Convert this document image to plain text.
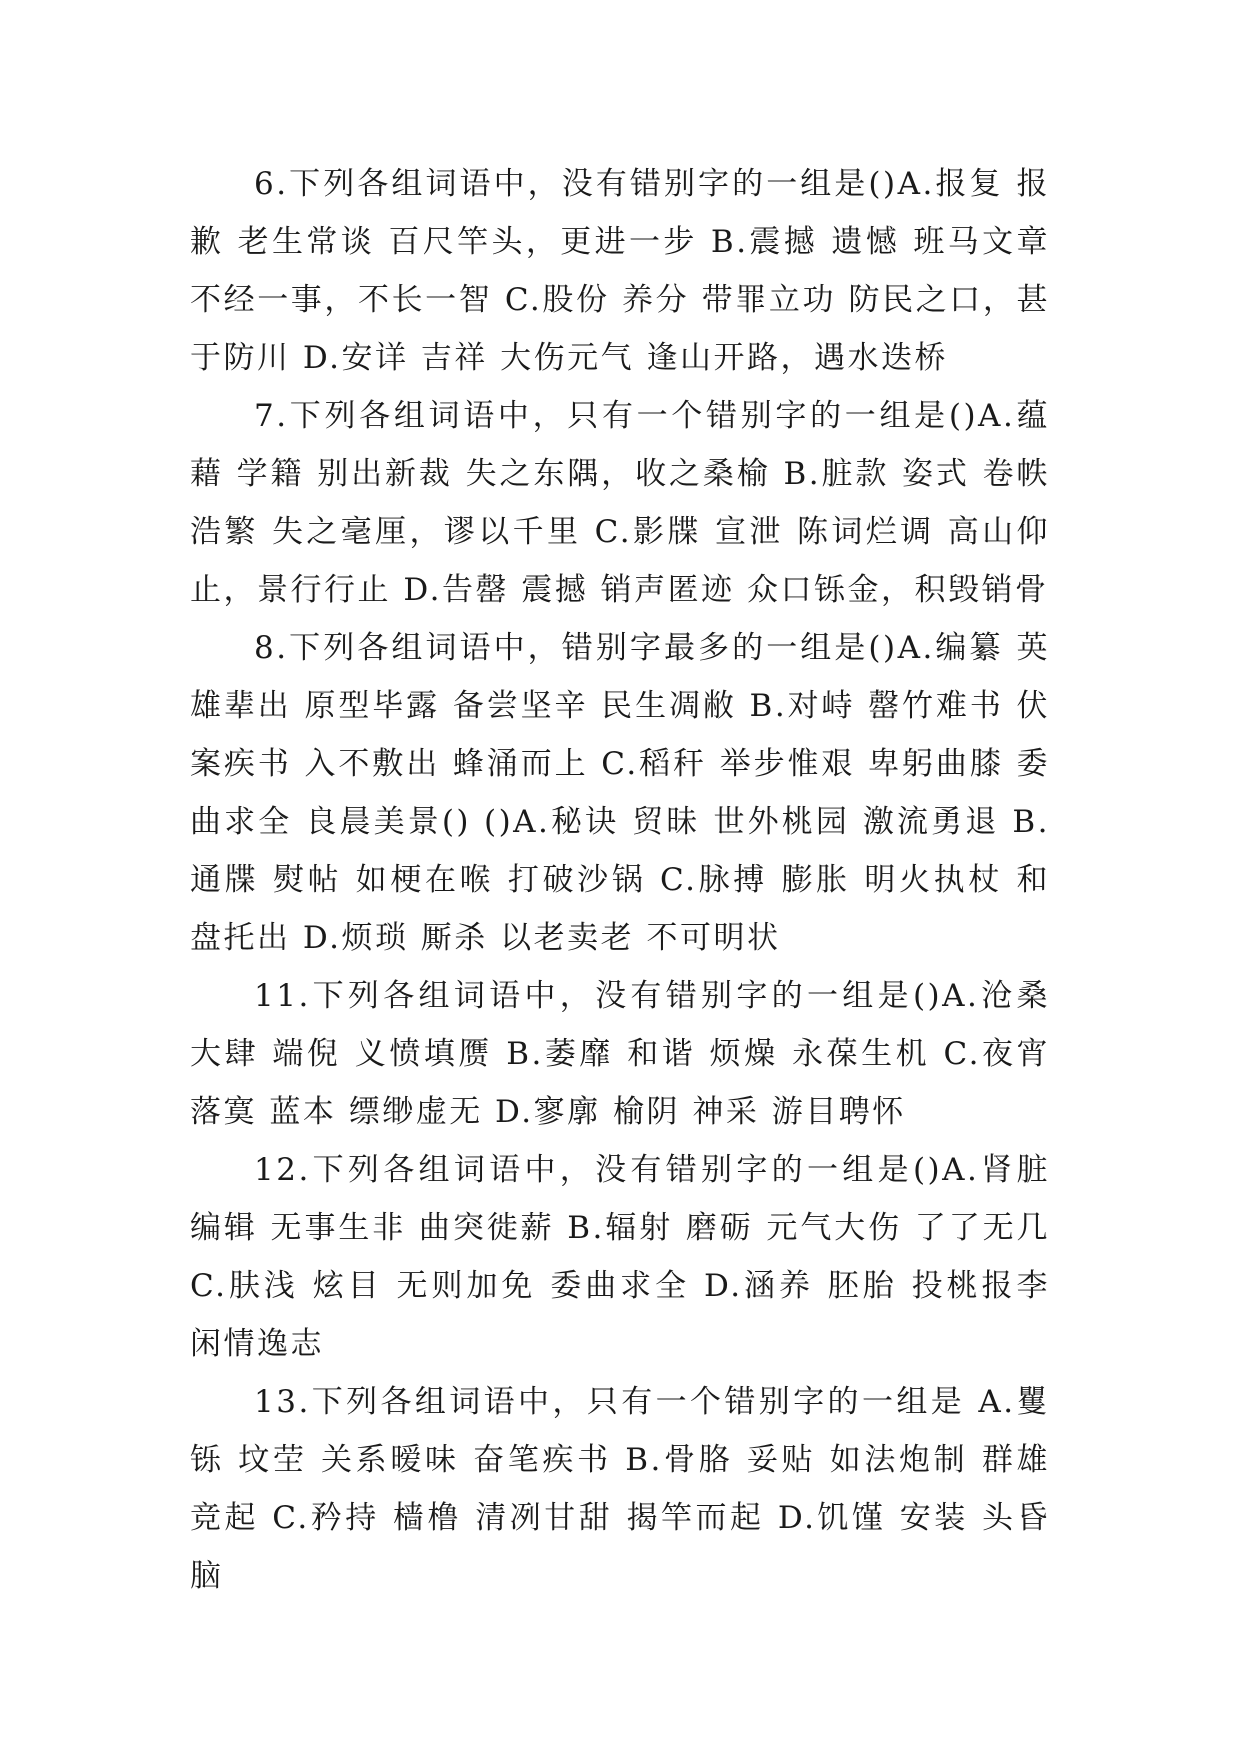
6.下列各组词语中，没有错别字的一组是()A.报复 报歉 老生常谈 百尺竿头，更进一步 B.震撼 遗憾 班马文章 不经一事，不长一智 C.股份 养分 带罪立功 防民之口，甚于防川 D.安详 吉祥 大伤元气 逢山开路，遇水迭桥

7.下列各组词语中，只有一个错别字的一组是()A.蕴藉 学籍 别出新裁 失之东隅，收之桑榆 B.脏款 姿式 卷帙浩繁 失之毫厘，谬以千里 C.影牒 宣泄 陈词烂调 高山仰止，景行行止 D.告罄 震撼 销声匿迹 众口铄金，积毁销骨

8.下列各组词语中，错别字最多的一组是()A.编纂 英雄辈出 原型毕露 备尝坚辛 民生凋敝 B.对峙 罄竹难书 伏案疾书 入不敷出 蜂涌而上 C.稻秆 举步惟艰 卑躬曲膝 委曲求全 良晨美景() ()A.秘诀 贸昧 世外桃园 激流勇退 B.通牒 熨帖 如梗在喉 打破沙锅 C.脉搏 膨胀 明火执杖 和盘托出 D.烦琐 厮杀 以老卖老 不可明状

11.下列各组词语中，没有错别字的一组是()A.沧桑 大肆 端倪 义愤填赝 B.萎靡 和谐 烦燥 永葆生机 C.夜宵 落寞 蓝本 缥缈虚无 D.寥廓 榆阴 神采 游目聘怀

12.下列各组词语中，没有错别字的一组是()A.肾脏 编辑 无事生非 曲突徙薪 B.辐射 磨砺 元气大伤 了了无几 C.肤浅 炫目 无则加免 委曲求全 D.涵养 胚胎 投桃报李 闲情逸志

13.下列各组词语中，只有一个错别字的一组是 A.矍铄 坟茔 关系暧味 奋笔疾书 B.骨胳 妥贴 如法炮制 群雄竞起 C.矜持 樯橹 清冽甘甜 揭竿而起 D.饥馑 安装 头昏脑
